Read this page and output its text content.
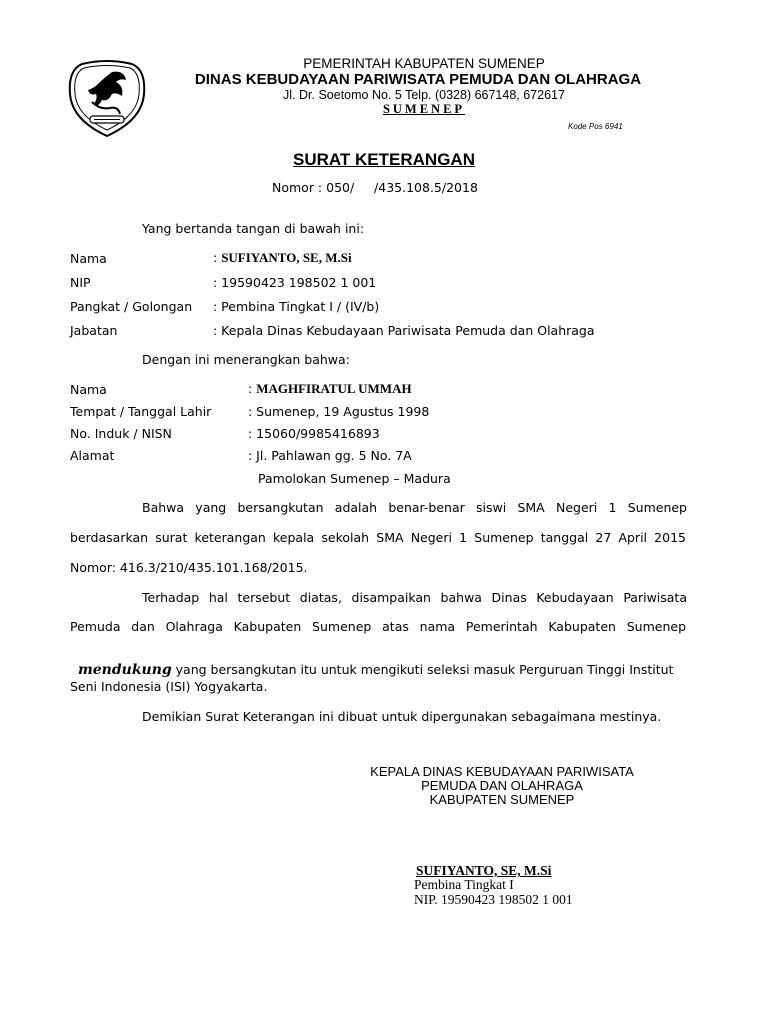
PEMERINTAH KABUPATEN SUMENEP
DINAS KEBUDAYAAN PARIWISATA PEMUDA DAN OLAHRAGA
Jl. Dr. Soetomo No. 5 Telp. (0328) 667148, 672617
SUMENEP
Kode Pos 6941
SURAT KETERANGAN
Nomor : 050/     /435.108.5/2018
Yang bertanda tangan di bawah ini:
Nama	: SUFIYANTO, SE, M.Si
NIP	: 19590423 198502 1 001
Pangkat / Golongan : Pembina Tingkat I / (IV/b)
Jabatan	: Kepala Dinas Kebudayaan Pariwisata Pemuda dan Olahraga
Dengan ini menerangkan bahwa:
Nama	: MAGHFIRATUL UMMAH
Tempat / Tanggal Lahir	: Sumenep, 19 Agustus 1998
No. Induk / NISN	: 15060/9985416893
Alamat	: Jl. Pahlawan gg. 5 No. 7A
Pamolokan Sumenep – Madura
Bahwa yang bersangkutan adalah benar-benar siswi SMA Negeri 1 Sumenep
berdasarkan surat keterangan kepala sekolah SMA Negeri 1 Sumenep tanggal 27 April 2015
Nomor: 416.3/210/435.101.168/2015.
Terhadap hal tersebut diatas, disampaikan bahwa Dinas Kebudayaan Pariwisata
Pemuda dan Olahraga Kabupaten Sumenep atas nama Pemerintah Kabupaten Sumenep

mendukung yang bersangkutan itu untuk mengikuti seleksi masuk Perguruan Tinggi Institut

Seni Indonesia (ISI) Yogyakarta.
Demikian Surat Keterangan ini dibuat untuk dipergunakan sebagaimana mestinya.
KEPALA DINAS KEBUDAYAAN PARIWISATA
PEMUDA DAN OLAHRAGA
KABUPATEN SUMENEP
SUFIYANTO, SE, M.Si
Pembina Tingkat I
NIP. 19590423 198502 1 001
